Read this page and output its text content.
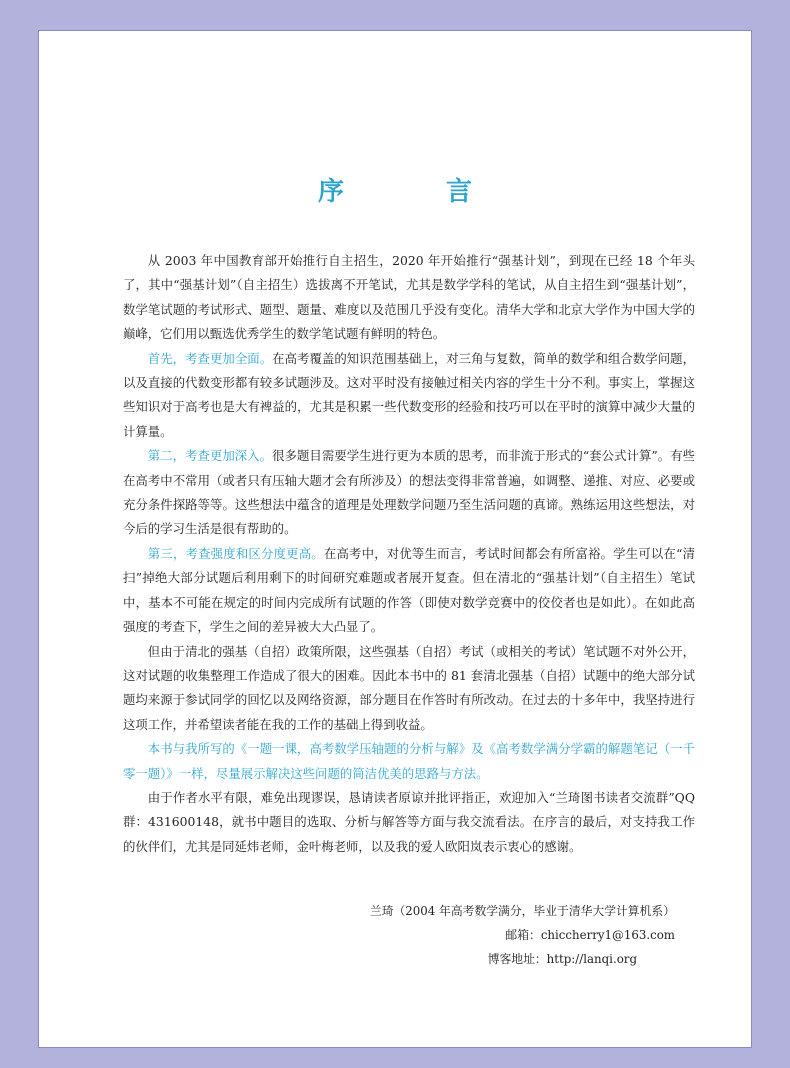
序　言

从 2003 年中国教育部开始推行自主招生，2020 年开始推行“强基计划”，到现在已经 18 个年头了，其中“强基计划”（自主招生）选拔离不开笔试，尤其是数学学科的笔试，从自主招生到“强基计划”，数学笔试题的考试形式、题型、题量、难度以及范围几乎没有变化。清华大学和北京大学作为中国大学的巅峰，它们用以甄选优秀学生的数学笔试题有鲜明的特色。

首先，考查更加全面。在高考覆盖的知识范围基础上，对三角与复数，简单的数学和组合数学问题，以及直接的代数变形都有较多试题涉及。这对平时没有接触过相关内容的学生十分不利。事实上，掌握这些知识对于高考也是大有裨益的，尤其是积累一些代数变形的经验和技巧可以在平时的演算中减少大量的计算量。

第二，考查更加深入。很多题目需要学生进行更为本质的思考，而非流于形式的“套公式计算”。有些在高考中不常用（或者只有压轴大题才会有所涉及）的想法变得非常普遍，如调整、递推、对应、必要或充分条件探路等等。这些想法中蕴含的道理是处理数学问题乃至生活问题的真谛。熟练运用这些想法，对今后的学习生活是很有帮助的。

第三，考查强度和区分度更高。在高考中，对优等生而言，考试时间都会有所富裕。学生可以在“清扫”掉绝大部分试题后利用剩下的时间研究难题或者展开复查。但在清北的“强基计划”（自主招生）笔试中，基本不可能在规定的时间内完成所有试题的作答（即使对数学竞赛中的佼佼者也是如此）。在如此高强度的考查下，学生之间的差异被大大凸显了。

但由于清北的强基（自招）政策所限，这些强基（自招）考试（或相关的考试）笔试题不对外公开，这对试题的收集整理工作造成了很大的困难。因此本书中的 81 套清北强基（自招）试题中的绝大部分试题均来源于参试同学的回忆以及网络资源，部分题目在作答时有所改动。在过去的十多年中，我坚持进行这项工作，并希望读者能在我的工作的基础上得到收益。

本书与我所写的《一题一课，高考数学压轴题的分析与解》及《高考数学满分学霸的解题笔记（一千零一题）》一样，尽量展示解决这些问题的简洁优美的思路与方法。

由于作者水平有限，难免出现谬误，恳请读者原谅并批评指正，欢迎加入“兰琦图书读者交流群”QQ 群：431600148，就书中题目的选取、分析与解答等方面与我交流看法。在序言的最后，对支持我工作的伙伴们，尤其是同延炜老师，金叶梅老师，以及我的爱人欧阳岚表示衷心的感谢。

兰琦（2004 年高考数学满分，毕业于清华大学计算机系）
邮箱：chiccherry1@163.com
博客地址：http://lanqi.org
